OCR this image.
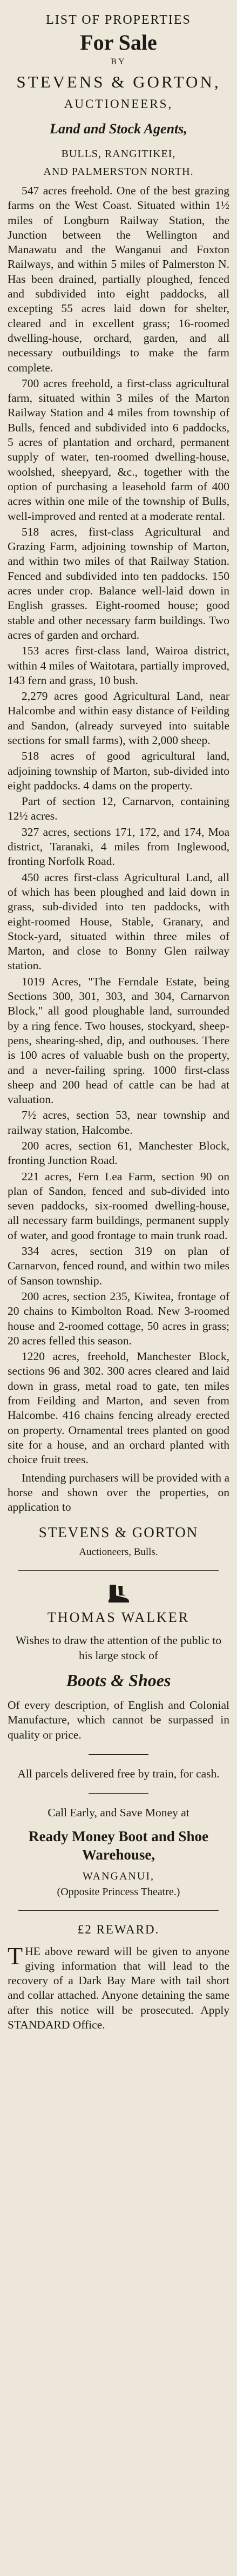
LIST OF PROPERTIES
For Sale
BY
STEVENS & GORTON,
AUCTIONEERS,
Land and Stock Agents,
BULLS, RANGITIKEI,
AND PALMERSTON NORTH.

547 acres freehold. One of the best grazing farms on the West Coast. Situated within 1½ miles of Longburn Railway Station, the Junction between the Wellington and Manawatu and the Wanganui and Foxton Railways, and within 5 miles of Palmerston N. Has been drained, partially ploughed, fenced and subdivided into eight paddocks, all excepting 55 acres laid down for shelter, cleared and in excellent grass; 16-roomed dwelling-house, orchard, garden, and all necessary outbuildings to make the farm complete.

700 acres freehold, a first-class agricultural farm, situated within 3 miles of the Marton Railway Station and 4 miles from township of Bulls, fenced and subdivided into 6 paddocks, 5 acres of plantation and orchard, permanent supply of water, ten-roomed dwelling-house, woolshed, sheepyard, &c., together with the option of purchasing a leasehold farm of 400 acres within one mile of the township of Bulls, well-improved and rented at a moderate rental.

518 acres, first-class Agricultural and Grazing Farm, adjoining township of Marton, and within two miles of that Railway Station. Fenced and subdivided into ten paddocks. 150 acres under crop. Balance well-laid down in English grasses. Eight-roomed house; good stable and other necessary farm buildings. Two acres of garden and orchard.

153 acres first-class land, Wairoa district, within 4 miles of Waitotara, partially improved, 143 fern and grass, 10 bush.

2,279 acres good Agricultural Land, near Halcombe and within easy distance of Feilding and Sandon, (already surveyed into suitable sections for small farms), with 2,000 sheep.

518 acres of good agricultural land, adjoining township of Marton, sub-divided into eight paddocks. 4 dams on the property.

Part of section 12, Carnarvon, containing 12½ acres.

327 acres, sections 171, 172, and 174, Moa district, Taranaki, 4 miles from Inglewood, fronting Norfolk Road.

450 acres first-class Agricultural Land, all of which has been ploughed and laid down in grass, sub-divided into ten paddocks, with eight-roomed House, Stable, Granary, and Stock-yard, situated within three miles of Marton, and close to Bonny Glen railway station.

1019 Acres, "The Ferndale Estate, being Sections 300, 301, 303, and 304, Carnarvon Block," all good ploughable land, surrounded by a ring fence. Two houses, stockyard, sheep-pens, shearing-shed, dip, and outhouses. There is 100 acres of valuable bush on the property, and a never-failing spring. 1000 first-class sheep and 200 head of cattle can be had at valuation.

7½ acres, section 53, near township and railway station, Halcombe.

200 acres, section 61, Manchester Block, fronting Junction Road.

221 acres, Fern Lea Farm, section 90 on plan of Sandon, fenced and sub-divided into seven paddocks, six-roomed dwelling-house, all necessary farm buildings, permanent supply of water, and good frontage to main trunk road.

334 acres, section 319 on plan of Carnarvon, fenced round, and within two miles of Sanson township.

200 acres, section 235, Kiwitea, frontage of 20 chains to Kimbolton Road. New 3-roomed house and 2-roomed cottage, 50 acres in grass; 20 acres felled this season.

1220 acres, freehold, Manchester Block, sections 96 and 302. 300 acres cleared and laid down in grass, metal road to gate, ten miles from Feilding and Marton, and seven from Halcombe. 416 chains fencing already erected on property. Ornamental trees planted on good site for a house, and an orchard planted with choice fruit trees.

Intending purchasers will be provided with a horse and shown over the properties, on application to

STEVENS & GORTON
Auctioneers, Bulls.
THOMAS WALKER
Wishes to draw the attention of the public to his large stock of
Boots & Shoes
Of every description, of English and Colonial Manufacture, which cannot be surpassed in quality or price.
All parcels delivered free by train, for cash.
Call Early, and Save Money at
Ready Money Boot and Shoe Warehouse,
WANGANUI,
(Opposite Princess Theatre.)
£2 REWARD.
THE above reward will be given to anyone giving information that will lead to the recovery of a Dark Bay Mare with tail short and collar attached. Anyone detaining the same after this notice will be prosecuted. Apply STANDARD Office.
